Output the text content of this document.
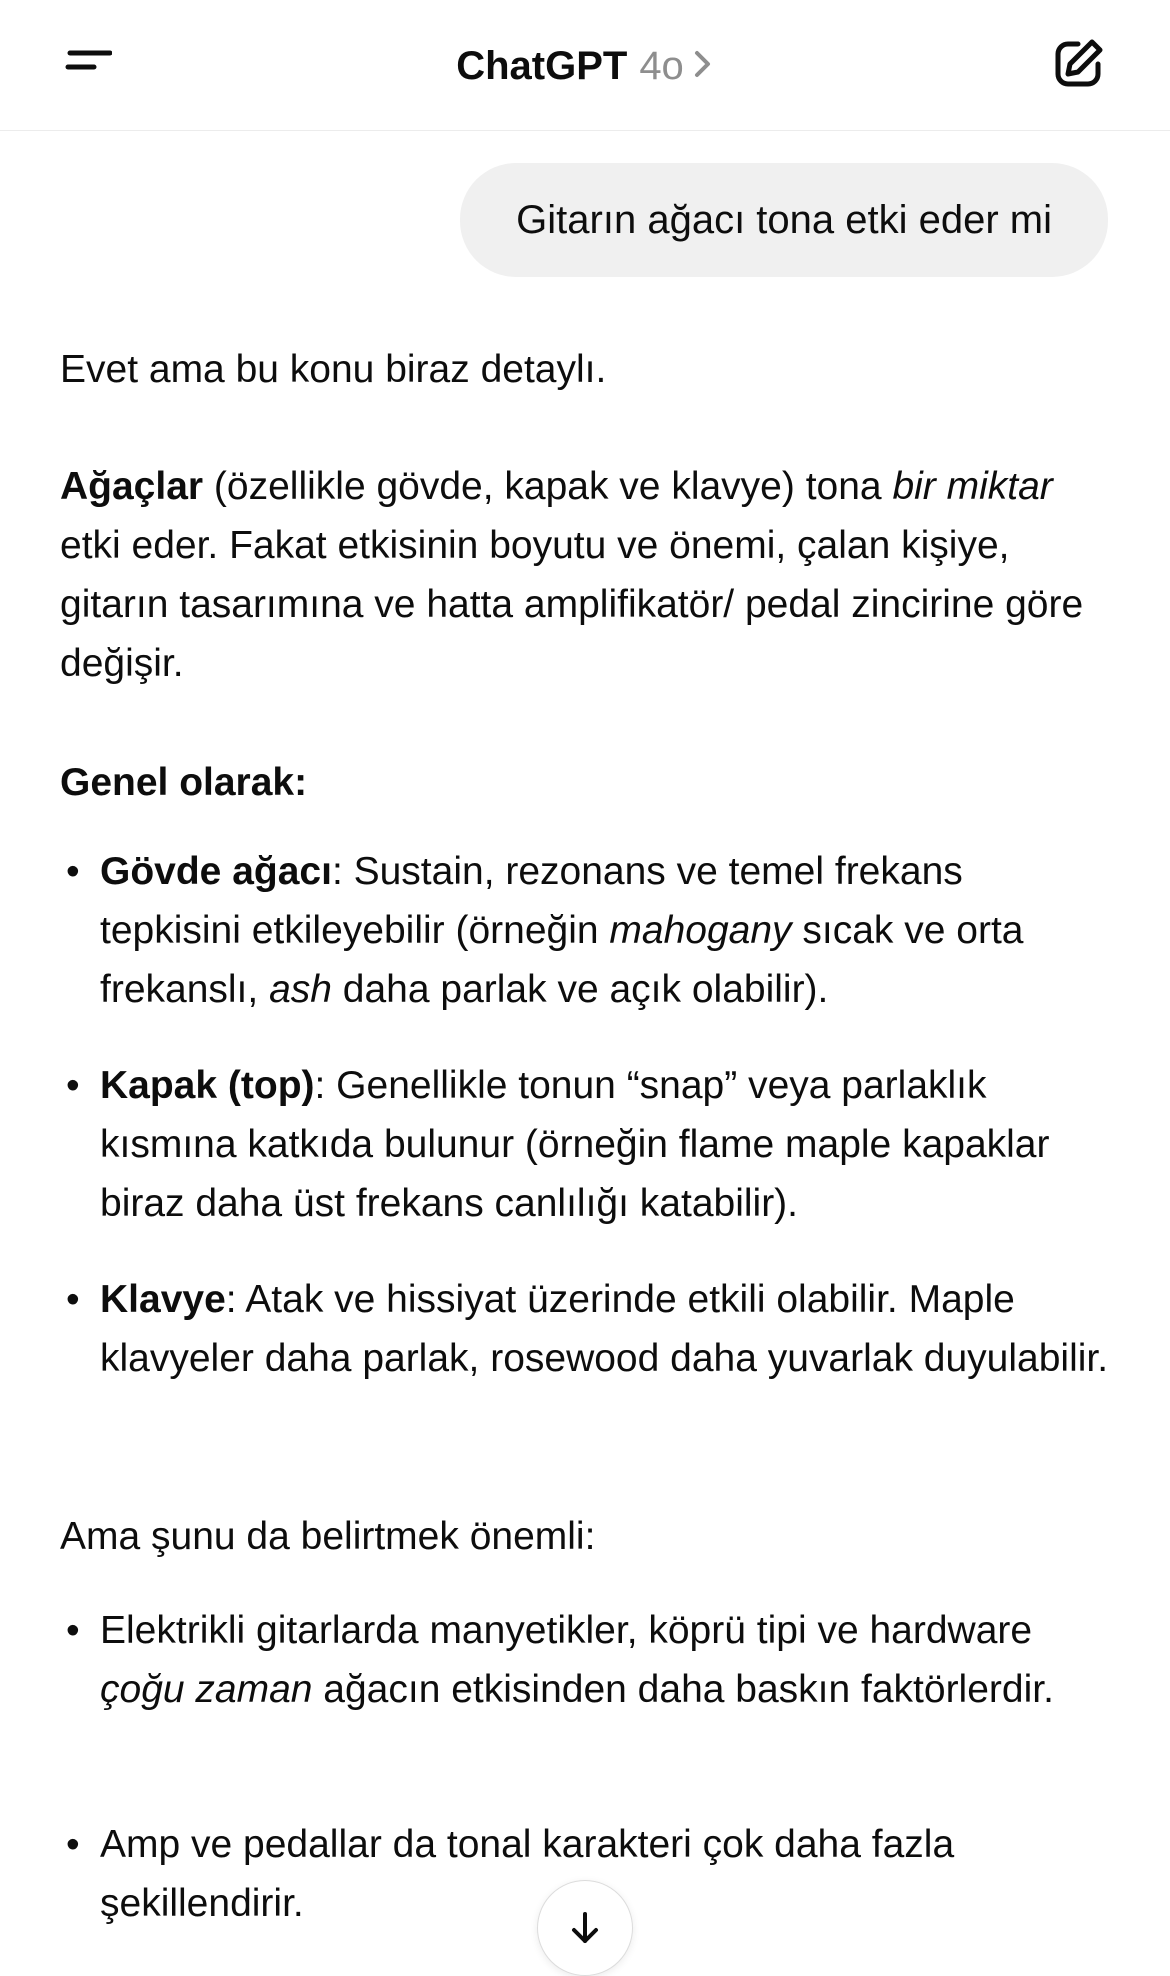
ChatGPT 4o
Gitarın ağacı tona etki eder mi

Evet ama bu konu biraz detaylı.

Ağaçlar (özellikle gövde, kapak ve klavye) tona bir miktar etki eder. Fakat etkisinin boyutu ve önemi, çalan kişiye, gitarın tasarımına ve hatta amplifikatör/ pedal zincirine göre değişir.

Genel olarak:

• Gövde ağacı: Sustain, rezonans ve temel frekans tepkisini etkileyebilir (örneğin mahogany sıcak ve orta frekanslı, ash daha parlak ve açık olabilir).
• Kapak (top): Genellikle tonun “snap” veya parlaklık kısmına katkıda bulunur (örneğin flame maple kapaklar biraz daha üst frekans canlılığı katabilir).
• Klavye: Atak ve hissiyat üzerinde etkili olabilir. Maple klavyeler daha parlak, rosewood daha yuvarlak duyulabilir.

Ama şunu da belirtmek önemli:

• Elektrikli gitarlarda manyetikler, köprü tipi ve hardware çoğu zaman ağacın etkisinden daha baskın faktörlerdir.
• Amp ve pedallar da tonal karakteri çok daha fazla şekillendirir.
